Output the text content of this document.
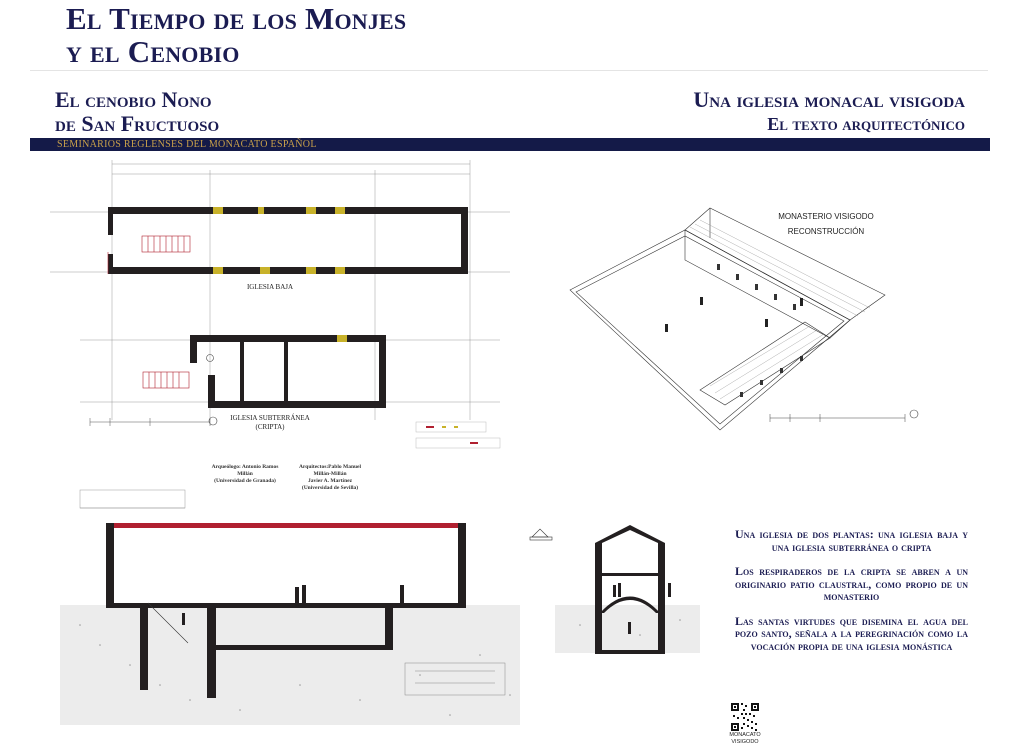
El Tiempo de los Monjes
y el Cenobio
El cenobio Nono
de San Fructuoso
Una iglesia monacal visigoda
El texto arquitectónico
SEMINARIOS REGLENSES DEL MONACATO ESPAÑOL
IGLESIA BAJA
IGLESIA SUBTERRÁNEA
(CRIPTA)
Arqueólogo: Antonio Ramos Millán
(Universidad de Granada)
Arquitectos:Pablo Manuel Millán-Millán
Javier A. Martínez
(Universidad de Sevilla)
MONASTERIO VISIGODO
RECONSTRUCCIÓN

Una iglesia de dos plantas: una iglesia baja y una iglesia subterránea o cripta

Los respiraderos de la cripta se abren a un originario patio claustral, como propio de un monasterio

Las santas virtudes que disemina el agua del pozo santo, señala a la peregrinación como la vocación propia de una iglesia monástica

MONACATO
VISIGODO
